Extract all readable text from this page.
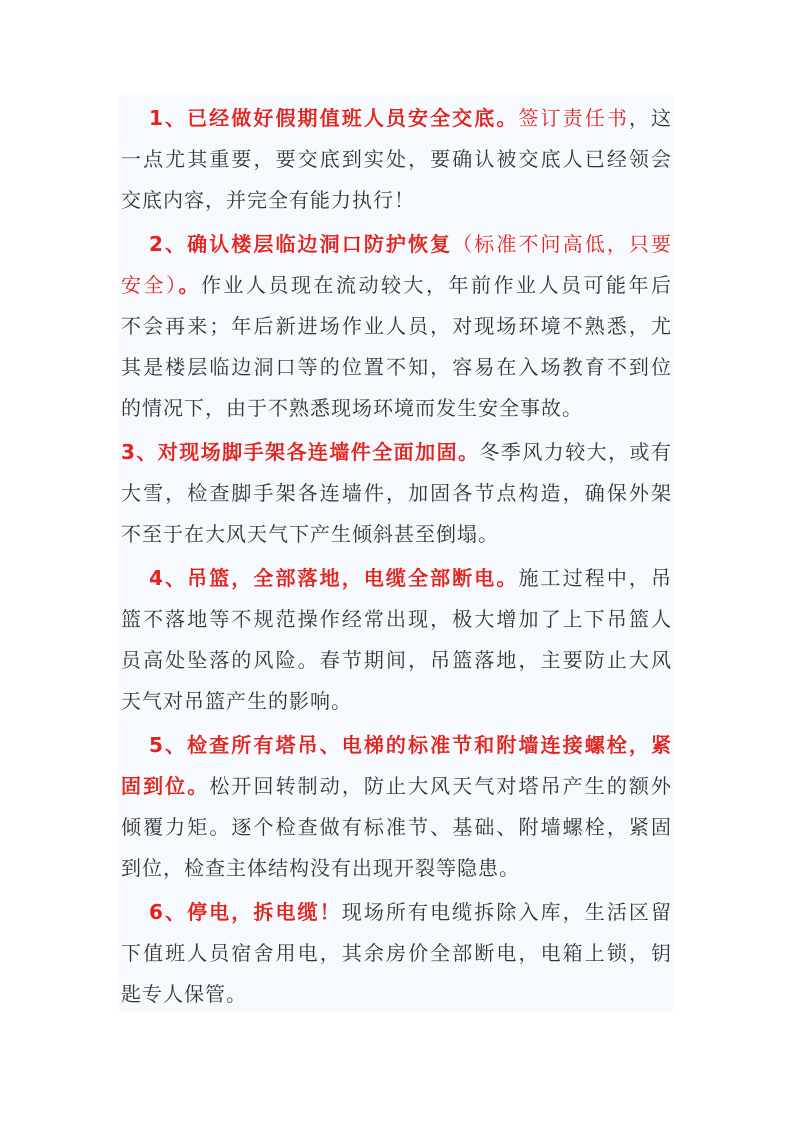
1、已经做好假期值班人员安全交底。签订责任书，这
一点尤其重要，要交底到实处，要确认被交底人已经领会
交底内容，并完全有能力执行！
2、确认楼层临边洞口防护恢复（标准不问高低，只要
安全）。作业人员现在流动较大，年前作业人员可能年后
不会再来；年后新进场作业人员，对现场环境不熟悉，尤
其是楼层临边洞口等的位置不知，容易在入场教育不到位
的情况下，由于不熟悉现场环境而发生安全事故。
3、对现场脚手架各连墙件全面加固。冬季风力较大，或有
大雪，检查脚手架各连墙件，加固各节点构造，确保外架
不至于在大风天气下产生倾斜甚至倒塌。
4、吊篮，全部落地，电缆全部断电。施工过程中，吊
篮不落地等不规范操作经常出现，极大增加了上下吊篮人
员高处坠落的风险。春节期间，吊篮落地，主要防止大风
天气对吊篮产生的影响。
5、检查所有塔吊、电梯的标准节和附墙连接螺栓，紧
固到位。松开回转制动，防止大风天气对塔吊产生的额外
倾覆力矩。逐个检查做有标准节、基础、附墙螺栓，紧固
到位，检查主体结构没有出现开裂等隐患。
6、停电，拆电缆！现场所有电缆拆除入库，生活区留
下值班人员宿舍用电，其余房价全部断电，电箱上锁，钥
匙专人保管。
